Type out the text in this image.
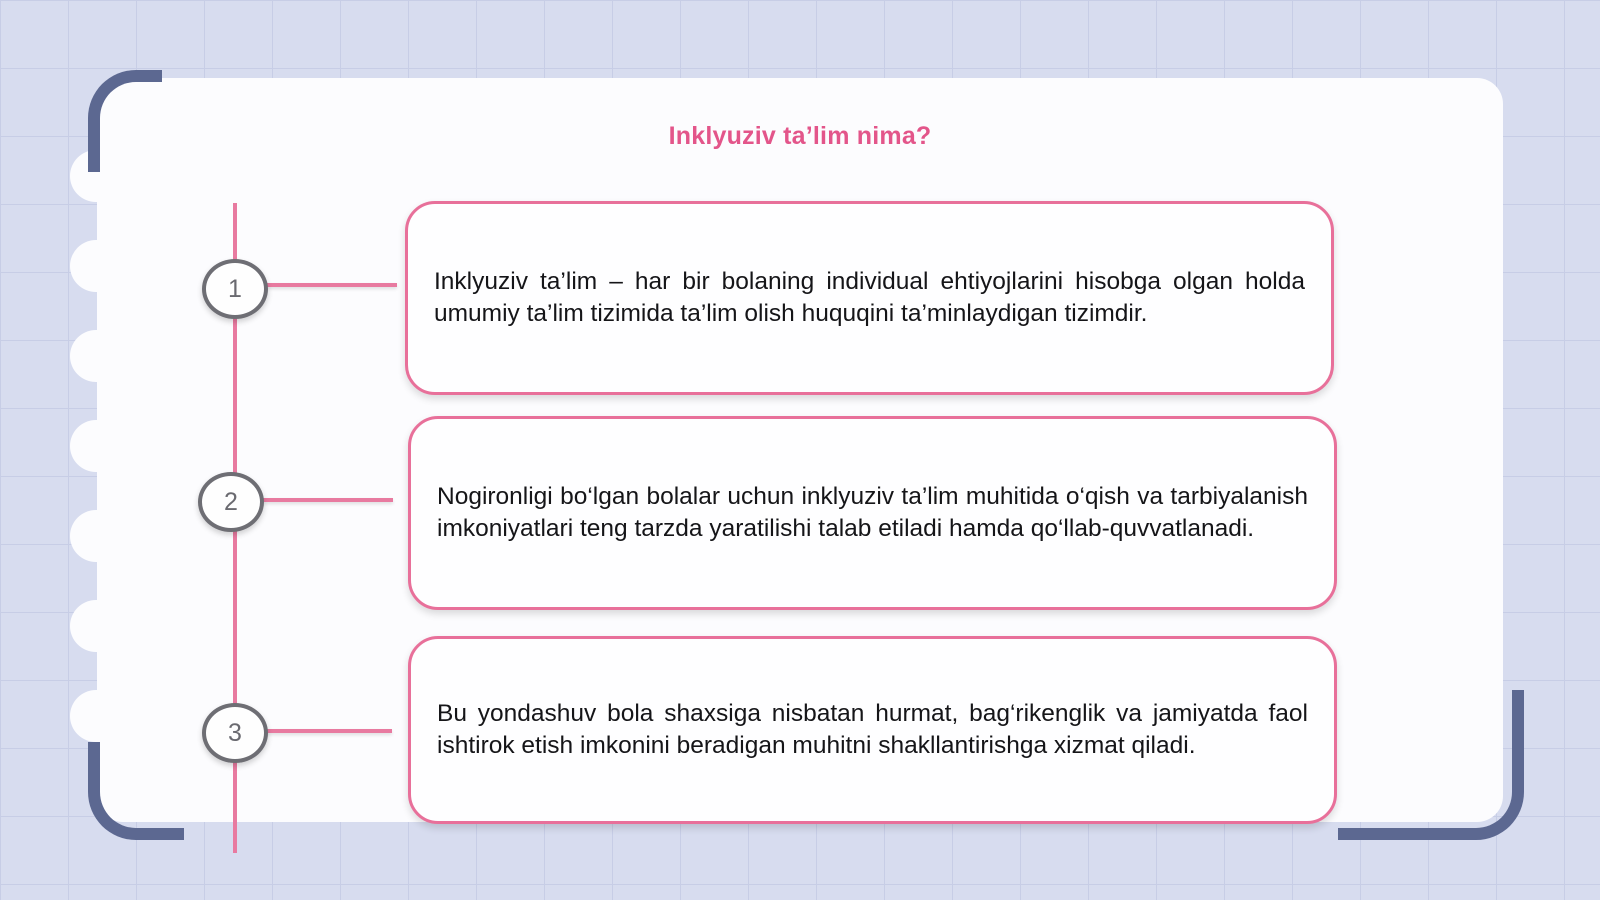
Inklyuziv ta’lim nima?
1
2
3

Inklyuziv ta’lim – har bir bolaning individual ehtiyojlarini hisobga olgan holda umumiy ta’lim tizimida ta’lim olish huquqini ta’minlaydigan tizimdir.

Nogironligi bo‘lgan bolalar uchun inklyuziv ta’lim muhitida o‘qish va tarbiyalanish imkoniyatlari teng tarzda yaratilishi talab etiladi hamda qo‘llab-quvvatlanadi.

Bu yondashuv bola shaxsiga nisbatan hurmat, bag‘rikenglik va jamiyatda faol ishtirok etish imkonini beradigan muhitni shakllantirishga xizmat qiladi.
